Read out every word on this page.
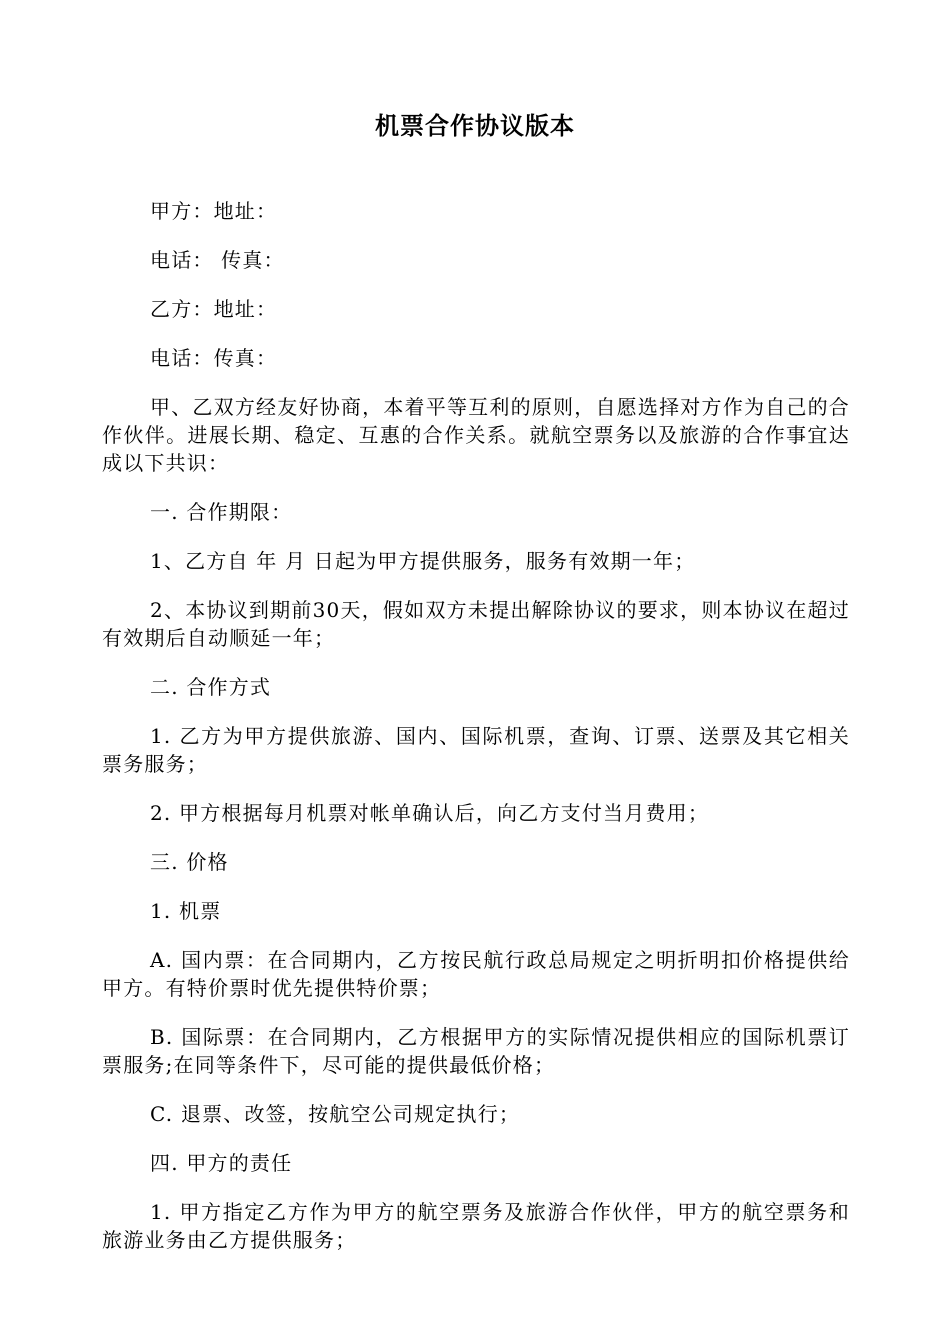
机票合作协议版本

甲方：地址：

电话： 传真：

乙方：地址：

电话：传真：

甲、乙双方经友好协商，本着平等互利的原则，自愿选择对方作为自己的合作伙伴。进展长期、稳定、互惠的合作关系。就航空票务以及旅游的合作事宜达成以下共识：

一. 合作期限：

1、乙方自 年 月 日起为甲方提供服务，服务有效期一年；

2、本协议到期前30天，假如双方未提出解除协议的要求，则本协议在超过有效期后自动顺延一年；

二. 合作方式

1. 乙方为甲方提供旅游、国内、国际机票，查询、订票、送票及其它相关票务服务；

2. 甲方根据每月机票对帐单确认后，向乙方支付当月费用；

三. 价格

1. 机票

A. 国内票：在合同期内，乙方按民航行政总局规定之明折明扣价格提供给甲方。有特价票时优先提供特价票；

B. 国际票：在合同期内，乙方根据甲方的实际情况提供相应的国际机票订票服务;在同等条件下，尽可能的提供最低价格；

C. 退票、改签，按航空公司规定执行；

四. 甲方的责任

1. 甲方指定乙方作为甲方的航空票务及旅游合作伙伴，甲方的航空票务和旅游业务由乙方提供服务；
